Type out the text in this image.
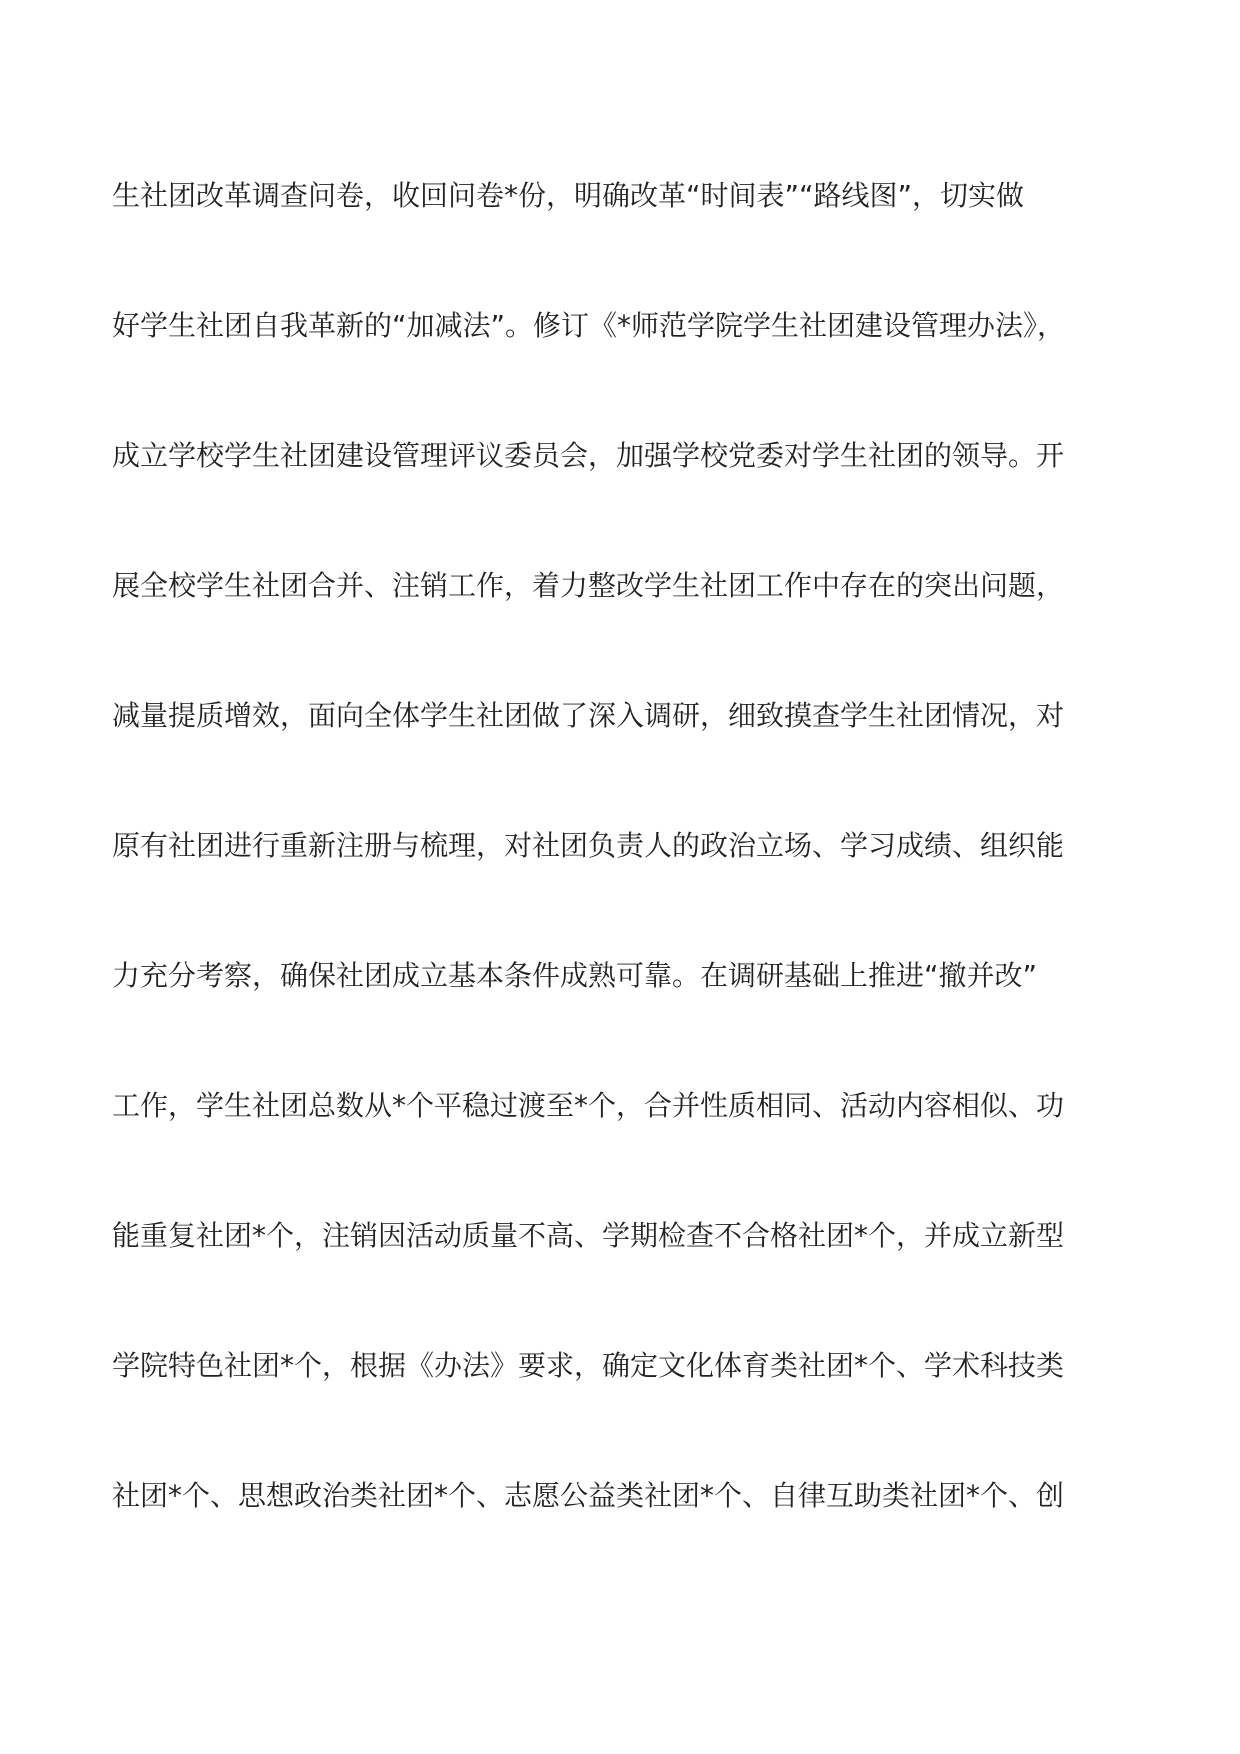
生社团改革调查问卷，收回问卷*份，明确改革“时间表”“路线图”，切实做
好学生社团自我革新的“加减法”。修订《*师范学院学生社团建设管理办法》，
成立学校学生社团建设管理评议委员会，加强学校党委对学生社团的领导。开
展全校学生社团合并、注销工作，着力整改学生社团工作中存在的突出问题，
减量提质增效，面向全体学生社团做了深入调研，细致摸查学生社团情况，对
原有社团进行重新注册与梳理，对社团负责人的政治立场、学习成绩、组织能
力充分考察，确保社团成立基本条件成熟可靠。在调研基础上推进“撤并改”
工作，学生社团总数从*个平稳过渡至*个，合并性质相同、活动内容相似、功
能重复社团*个，注销因活动质量不高、学期检查不合格社团*个，并成立新型
学院特色社团*个，根据《办法》要求，确定文化体育类社团*个、学术科技类
社团*个、思想政治类社团*个、志愿公益类社团*个、自律互助类社团*个、创
